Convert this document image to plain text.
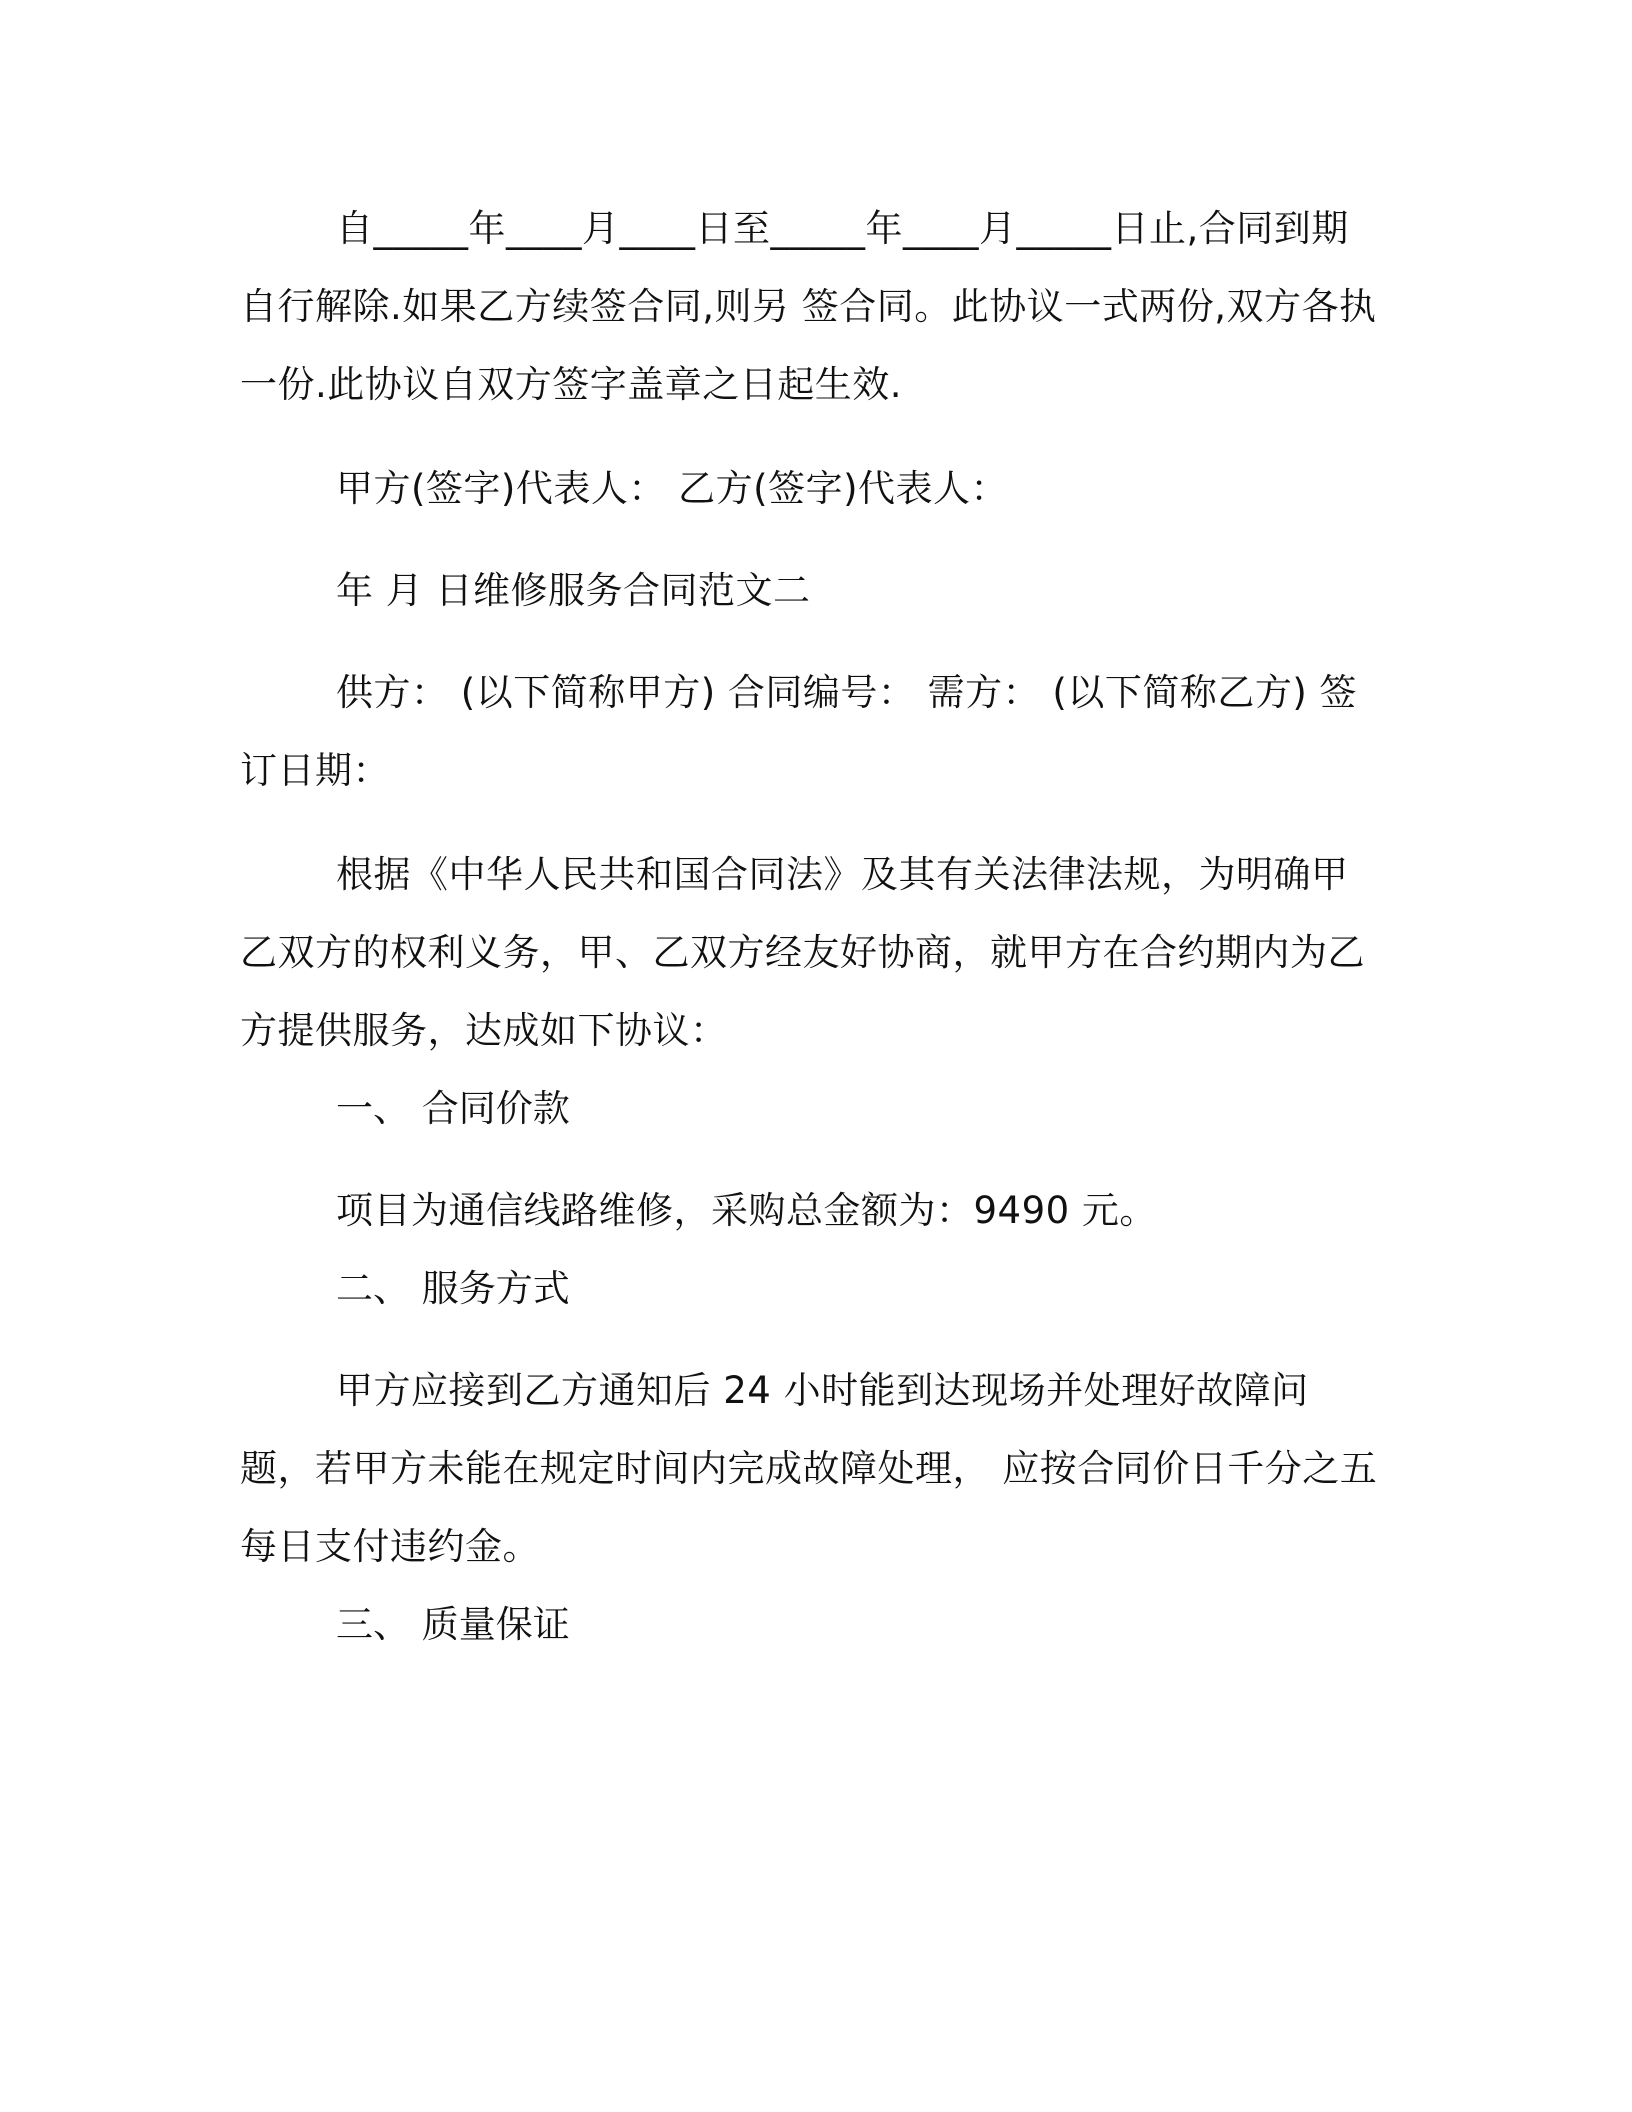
自_____年____月____日至_____年____月_____日止,合同到期自行解除.如果乙方续签合同,则另 签合同。此协议一式两份,双方各执一份.此协议自双方签字盖章之日起生效.

甲方(签字)代表人： 乙方(签字)代表人：

年 月 日维修服务合同范文二

供方： (以下简称甲方) 合同编号： 需方： (以下简称乙方) 签订日期：

根据《中华人民共和国合同法》及其有关法律法规，为明确甲乙双方的权利义务，甲、乙双方经友好协商，就甲方在合约期内为乙方提供服务，达成如下协议：

一、 合同价款

项目为通信线路维修，采购总金额为：9490 元。

二、 服务方式

甲方应接到乙方通知后 24 小时能到达现场并处理好故障问题，若甲方未能在规定时间内完成故障处理， 应按合同价日千分之五每日支付违约金。

三、 质量保证
